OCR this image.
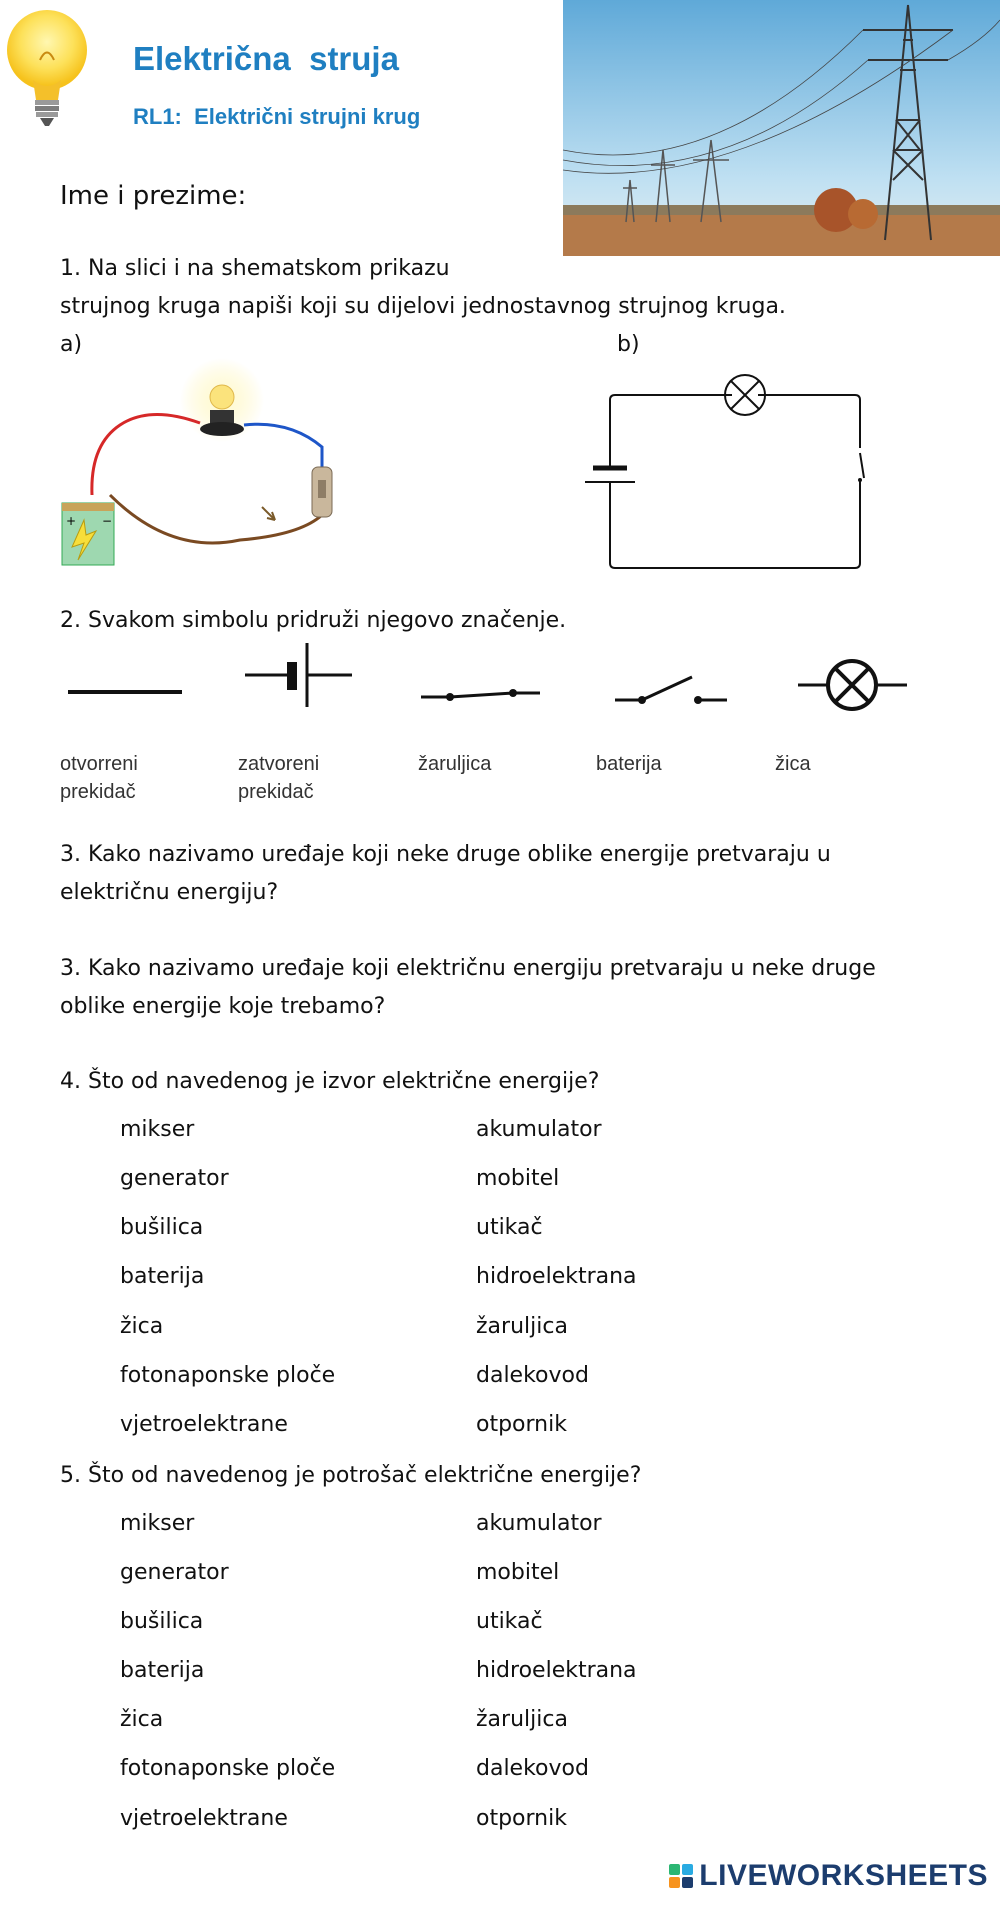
Električna  struja
RL1:  Električni strujni krug
Ime i prezime:
1. Na slici i na shematskom prikazu
strujnog kruga napiši koji su dijelovi jednostavnog strujnog kruga.
a)	b)
+ −
2. Svakom simbolu pridruži njegovo značenje.
otvorreni
prekidač
zatvoreni
prekidač
žaruljica	baterija	žica
3. Kako nazivamo uređaje koji neke druge oblike energije pretvaraju u
električnu energiju?
3. Kako nazivamo uređaje koji električnu energiju pretvaraju u neke druge
oblike energije koje trebamo?
4. Što od navedenog je izvor električne energije?
mikser	akumulator
generator	mobitel
bušilica	utikač
baterija	hidroelektrana
žica	žaruljica
fotonaponske ploče	dalekovod
vjetroelektrane	otpornik
5. Što od navedenog je potrošač električne energije?
mikser	akumulator
generator	mobitel
bušilica	utikač
baterija	hidroelektrana
žica	žaruljica
fotonaponske ploče	dalekovod
vjetroelektrane	otpornik
LIVEWORKSHEETS
